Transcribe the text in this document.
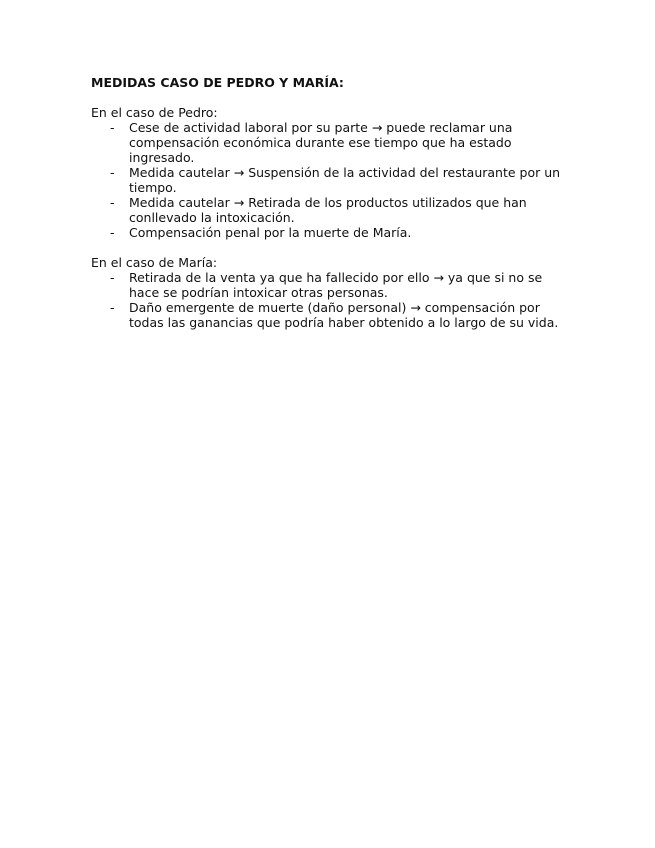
MEDIDAS CASO DE PEDRO Y MARÍA:

En el caso de Pedro:

- Cese de actividad laboral por su parte → puede reclamar una compensación económica durante ese tiempo que ha estado ingresado.
- Medida cautelar → Suspensión de la actividad del restaurante por un tiempo.
- Medida cautelar → Retirada de los productos utilizados que han conllevado la intoxicación.
- Compensación penal por la muerte de María.

En el caso de María:

- Retirada de la venta ya que ha fallecido por ello → ya que si no se hace se podrían intoxicar otras personas.
- Daño emergente de muerte (daño personal) → compensación por todas las ganancias que podría haber obtenido a lo largo de su vida.
